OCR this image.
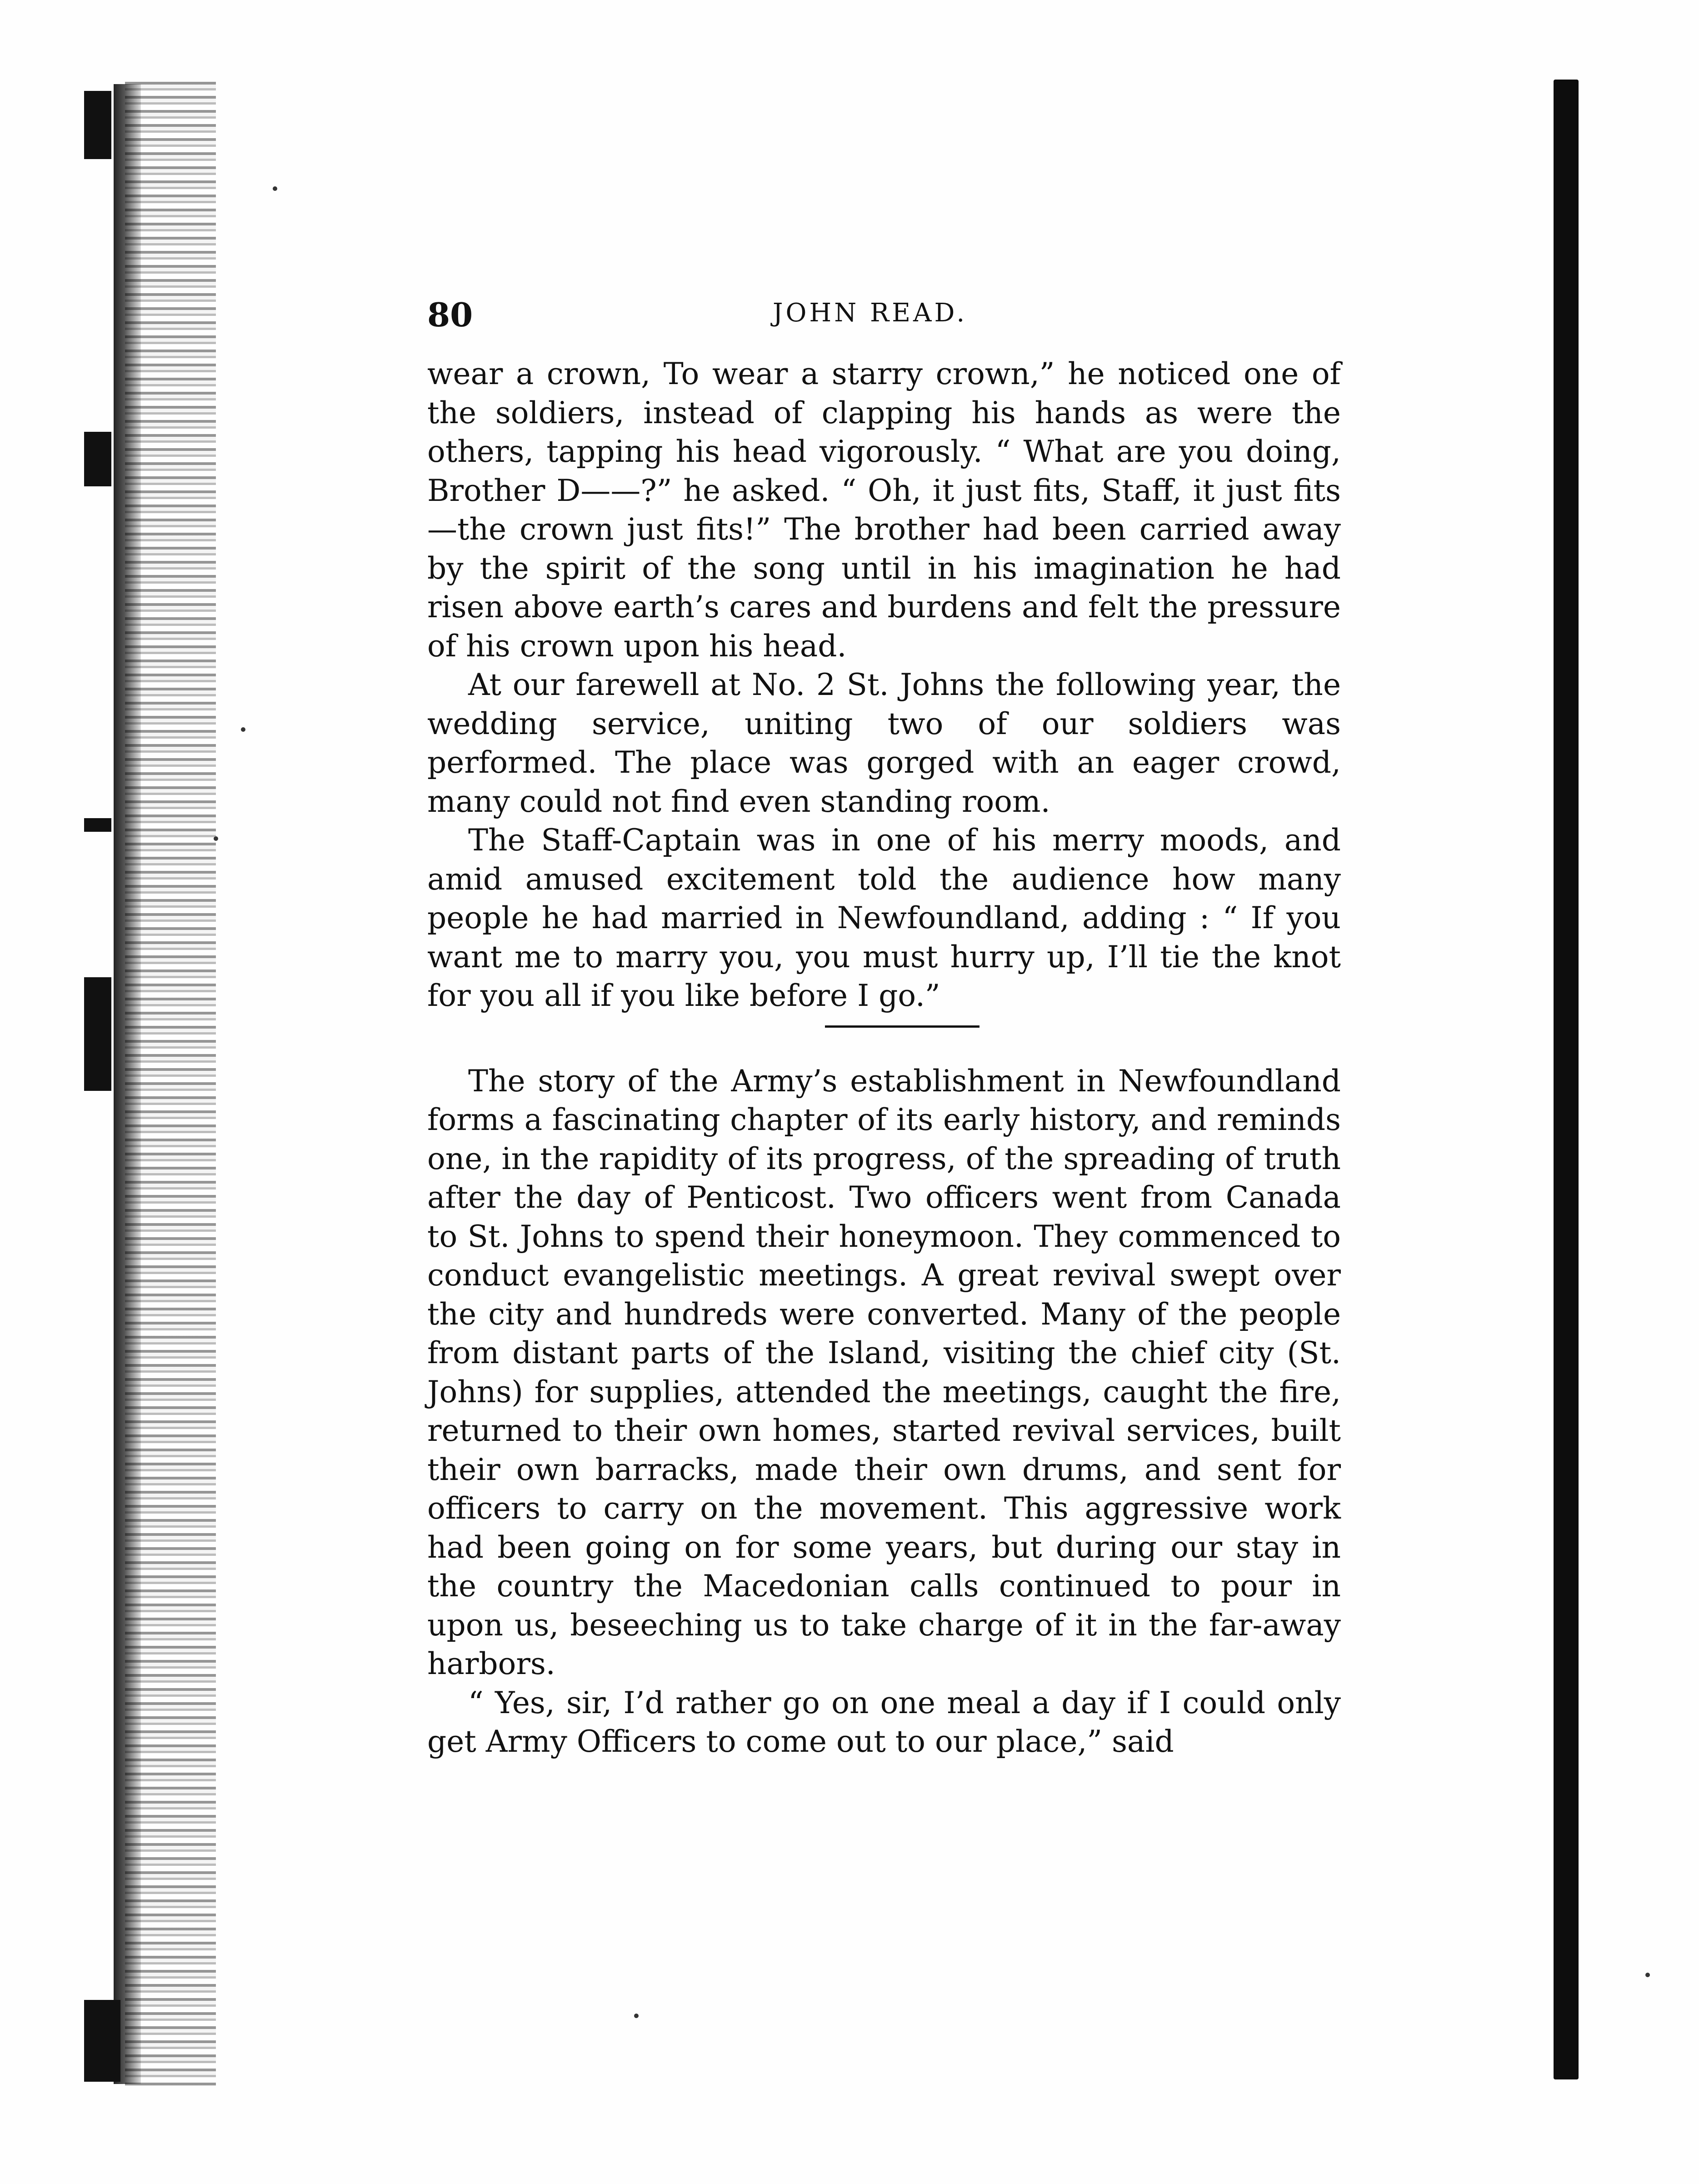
80	JOHN READ.

wear a crown, To wear a starry crown,” he noticed one of the soldiers, instead of clapping his hands as were the others, tapping his head vigorously. “ What are you doing, Brother D——?” he asked. “ Oh, it just fits, Staff, it just fits—the crown just fits!” The brother had been carried away by the spirit of the song until in his imagination he had risen above earth’s cares and burdens and felt the pressure of his crown upon his head.

At our farewell at No. 2 St. Johns the following year, the wedding service, uniting two of our soldiers was performed. The place was gorged with an eager crowd, many could not find even standing room.

The Staff-Captain was in one of his merry moods, and amid amused excitement told the audience how many people he had married in Newfoundland, adding : “ If you want me to marry you, you must hurry up, I’ll tie the knot for you all if you like before I go.”

The story of the Army’s establishment in Newfoundland forms a fascinating chapter of its early history, and reminds one, in the rapidity of its progress, of the spreading of truth after the day of Penticost. Two officers went from Canada to St. Johns to spend their honeymoon. They commenced to conduct evangelistic meetings. A great revival swept over the city and hundreds were converted. Many of the people from distant parts of the Island, visiting the chief city (St. Johns) for supplies, attended the meetings, caught the fire, returned to their own homes, started revival services, built their own barracks, made their own drums, and sent for officers to carry on the movement. This aggressive work had been going on for some years, but during our stay in the country the Macedonian calls continued to pour in upon us, beseeching us to take charge of it in the far-away harbors.

“ Yes, sir, I’d rather go on one meal a day if I could only get Army Officers to come out to our place,” said
